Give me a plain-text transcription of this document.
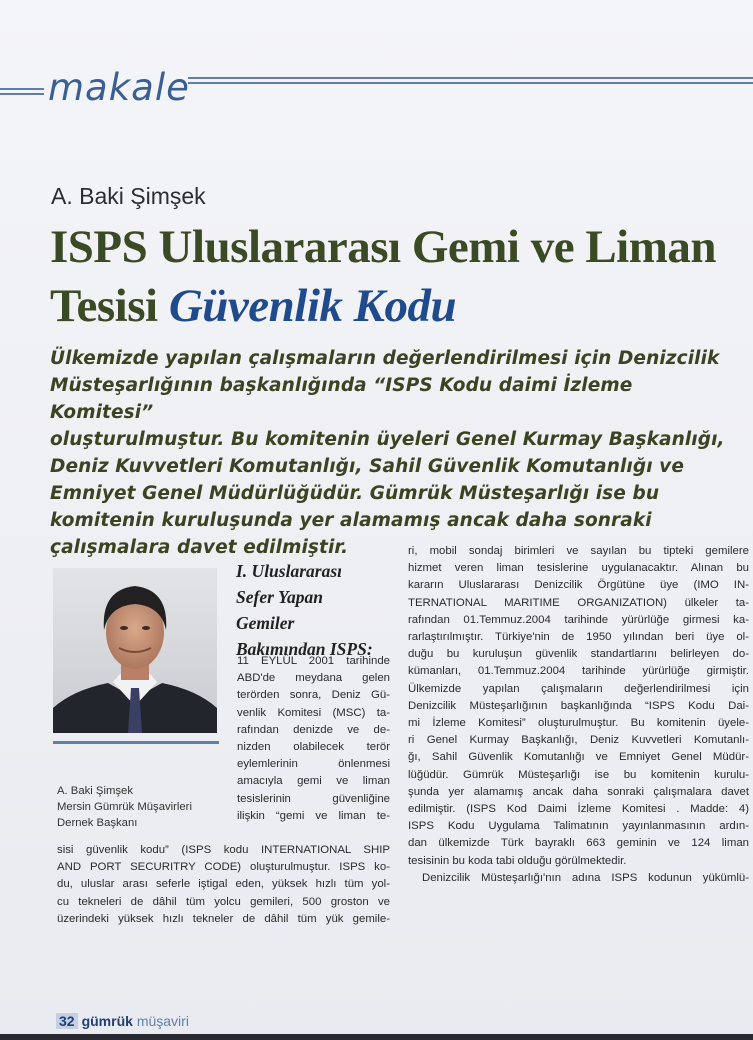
makale
A. Baki Şimşek
ISPS Uluslararası Gemi ve Liman
Tesisi Güvenlik Kodu
Ülkemizde yapılan çalışmaların değerlendirilmesi için Denizcilik
Müsteşarlığının başkanlığında “ISPS Kodu daimi İzleme Komitesi”
oluşturulmuştur. Bu komitenin üyeleri Genel Kurmay Başkanlığı,
Deniz Kuvvetleri Komutanlığı, Sahil Güvenlik Komutanlığı ve
Emniyet Genel Müdürlüğüdür. Gümrük Müsteşarlığı ise bu
komitenin kuruluşunda yer alamamış ancak daha sonraki
çalışmalara davet edilmiştir.
A. Baki Şimşek
Mersin Gümrük Müşavirleri
Dernek Başkanı
I. Uluslararası
Sefer Yapan
Gemiler
Bakımından ISPS:
11 EYLÜL 2001 tarihinde
ABD'de meydana gelen
terörden sonra, Deniz Gü-
venlik Komitesi (MSC) ta-
rafından denizde ve de-
nizden olabilecek terör
eylemlerinin önlenmesi
amacıyla gemi ve liman
tesislerinin güvenliğine
ilişkin “gemi ve liman te-
sisi güvenlik kodu” (ISPS kodu INTERNATIONAL SHIP
AND PORT SECURITRY CODE) oluşturulmuştur. ISPS ko-
du, uluslar arası seferle iştigal eden, yüksek hızlı tüm yol-
cu tekneleri de dâhil tüm yolcu gemileri, 500 groston ve
üzerindeki yüksek hızlı tekneler de dâhil tüm yük gemile-
ri, mobil sondaj birimleri ve sayılan bu tipteki gemilere
hizmet veren liman tesislerine uygulanacaktır. Alınan bu
kararın Uluslararası Denizcilik Örgütüne üye (IMO IN-
TERNATIONAL MARITIME ORGANIZATION) ülkeler ta-
rafından 01.Temmuz.2004 tarihinde yürürlüğe girmesi ka-
rarlaştırılmıştır. Türkiye'nin de 1950 yılından beri üye ol-
duğu bu kuruluşun güvenlik standartlarını belirleyen do-
kümanları, 01.Temmuz.2004 tarihinde yürürlüğe girmiştir.
Ülkemizde yapılan çalışmaların değerlendirilmesi için
Denizcilik Müsteşarlığının başkanlığında “ISPS Kodu Dai-
mi İzleme Komitesi” oluşturulmuştur. Bu komitenin üyele-
ri Genel Kurmay Başkanlığı, Deniz Kuvvetleri Komutanlı-
ğı, Sahil Güvenlik Komutanlığı ve Emniyet Genel Müdür-
lüğüdür. Gümrük Müsteşarlığı ise bu komitenin kurulu-
şunda yer alamamış ancak daha sonraki çalışmalara davet
edilmiştir. (ISPS Kod Daimi İzleme Komitesi . Madde: 4)
ISPS Kodu Uygulama Talimatının yayınlanmasının ardın-
dan ülkemizde Türk bayraklı 663 geminin ve 124 liman
tesisinin bu koda tabi olduğu görülmektedir.
Denizcilik Müsteşarlığı'nın adına ISPS kodunun yükümlü-
32 gümrük müşaviri
